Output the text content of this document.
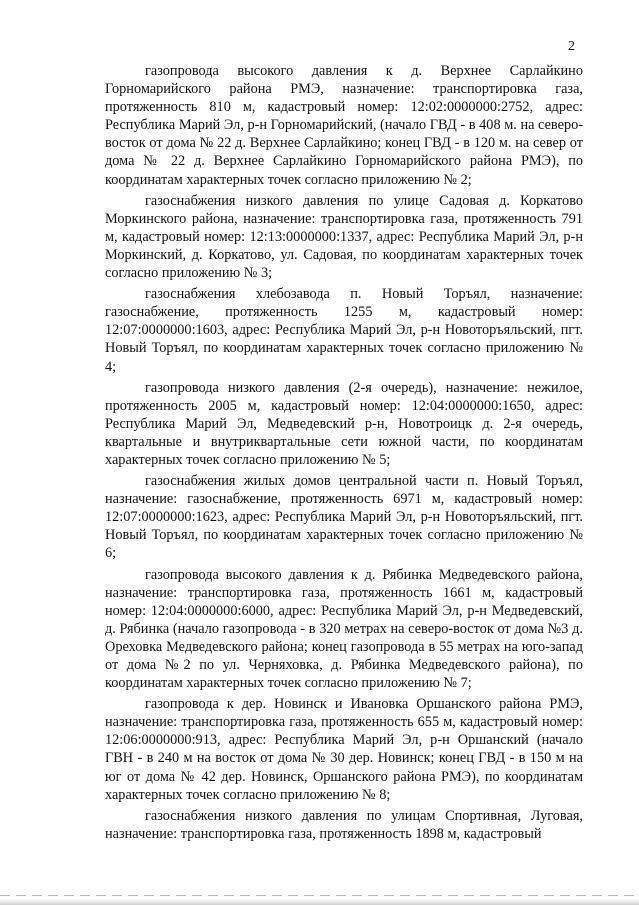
2

газопровода высокого давления к д. Верхнее Сарлайкино Горномарийского района РМЭ, назначение: транспортировка газа, протяженность 810 м, кадастровый номер: 12:02:0000000:2752, адрес: Республика Марий Эл, р-н Горномарийский, (начало ГВД - в 408 м. на северо-восток от дома № 22 д. Верхнее Сарлайкино; конец ГВД - в 120 м. на север от дома № 22 д. Верхнее Сарлайкино Горномарийского района РМЭ), по координатам характерных точек согласно приложению № 2;

газоснабжения низкого давления по улице Садовая д. Коркатово Моркинского района, назначение: транспортировка газа, протяженность 791 м, кадастровый номер: 12:13:0000000:1337, адрес: Республика Марий Эл, р-н Моркинский, д. Коркатово, ул. Садовая, по координатам характерных точек согласно приложению № 3;

газоснабжения хлебозавода п. Новый Торъял, назначение: газоснабжение, протяженность 1255 м, кадастровый номер: 12:07:0000000:1603, адрес: Республика Марий Эл, р-н Новоторъяльский, пгт. Новый Торъял, по координатам характерных точек согласно приложению № 4;

газопровода низкого давления (2-я очередь), назначение: нежилое, протяженность 2005 м, кадастровый номер: 12:04:0000000:1650, адрес: Республика Марий Эл, Медведевский р-н, Новотроицк д. 2-я очередь, квартальные и внутриквартальные сети южной части, по координатам характерных точек согласно приложению № 5;

газоснабжения жилых домов центральной части п. Новый Торъял, назначение: газоснабжение, протяженность 6971 м, кадастровый номер: 12:07:0000000:1623, адрес: Республика Марий Эл, р-н Новоторъяльский, пгт. Новый Торъял, по координатам характерных точек согласно приложению № 6;

газопровода высокого давления к д. Рябинка Медведевского района, назначение: транспортировка газа, протяженность 1661 м, кадастровый номер: 12:04:0000000:6000, адрес: Республика Марий Эл, р-н Медведевский, д. Рябинка (начало газопровода - в 320 метрах на северо-восток от дома №3 д. Ореховка Медведевского района; конец газопровода в 55 метрах на юго-запад от дома №2 по ул. Черняховка, д. Рябинка Медведевского района), по координатам характерных точек согласно приложению № 7;

газопровода к дер. Новинск и Ивановка Оршанского района РМЭ, назначение: транспортировка газа, протяженность 655 м, кадастровый номер: 12:06:0000000:913, адрес: Республика Марий Эл, р-н Оршанский (начало ГВН - в 240 м на восток от дома № 30 дер. Новинск; конец ГВД - в 150 м на юг от дома № 42 дер. Новинск, Оршанского района РМЭ), по координатам характерных точек согласно приложению № 8;

газоснабжения низкого давления по улицам Спортивная, Луговая, назначение: транспортировка газа, протяженность 1898 м, кадастровый
